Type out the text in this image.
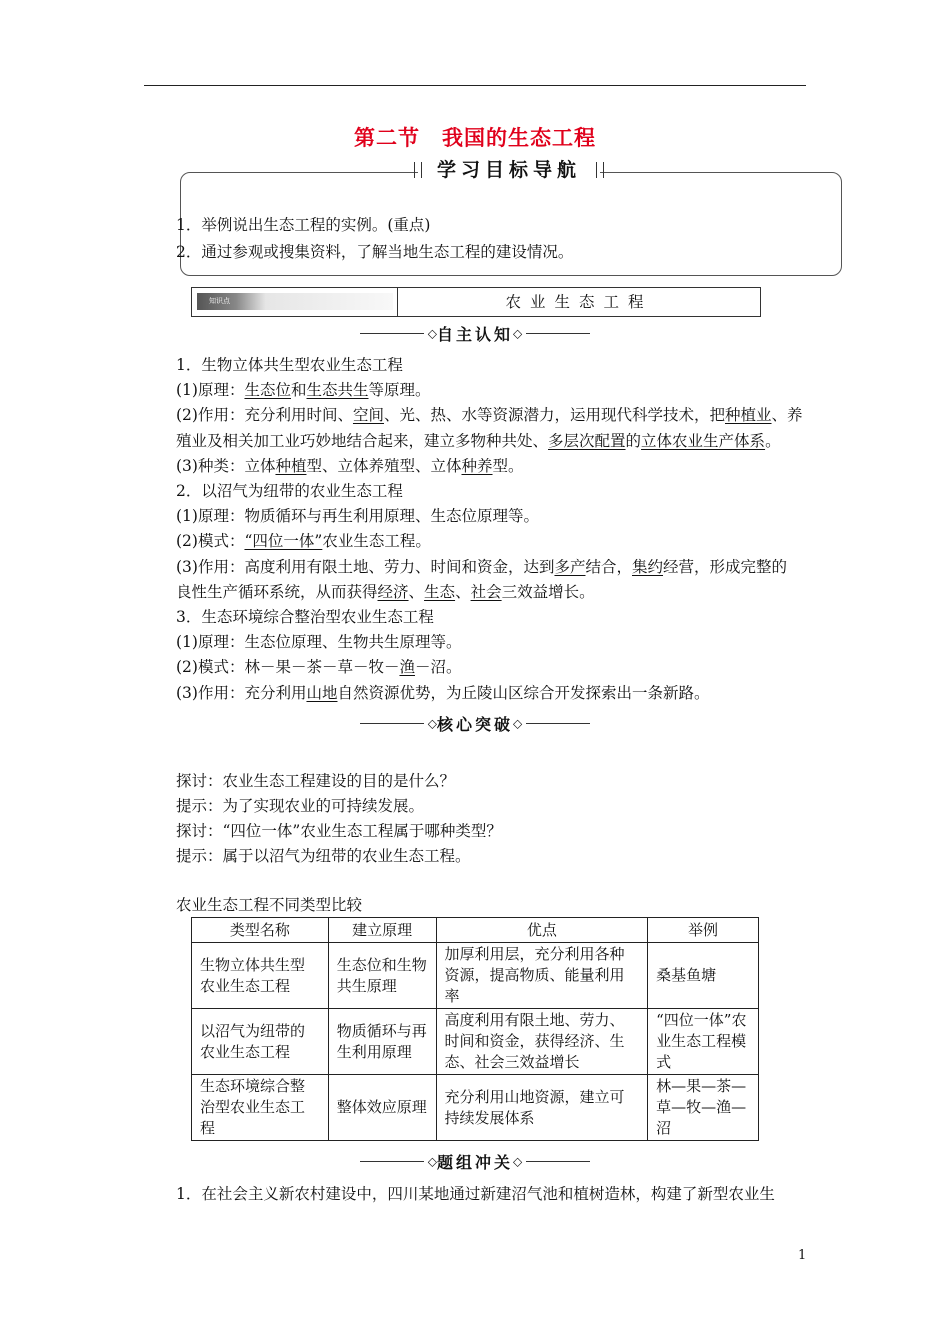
第二节　我国的生态工程
学习目标导航
1．举例说出生态工程的实例。(重点)
2．通过参观或搜集资料，了解当地生态工程的建设情况。
知识点	农业生态工程
◇自主认知◇
1．生物立体共生型农业生态工程
(1)原理：生态位和生态共生等原理。
(2)作用：充分利用时间、空间、光、热、水等资源潜力，运用现代科学技术，把种植业、养
殖业及相关加工业巧妙地结合起来，建立多物种共处、多层次配置的立体农业生产体系。
(3)种类：立体种植型、立体养殖型、立体种养型。
2．以沼气为纽带的农业生态工程
(1)原理：物质循环与再生利用原理、生态位原理等。
(2)模式：“四位一体”农业生态工程。
(3)作用：高度利用有限土地、劳力、时间和资金，达到多产结合，集约经营，形成完整的
良性生产循环系统，从而获得经济、生态、社会三效益增长。
3．生态环境综合整治型农业生态工程
(1)原理：生态位原理、生物共生原理等。
(2)模式：林－果－茶－草－牧－渔－沼。
(3)作用：充分利用山地自然资源优势，为丘陵山区综合开发探索出一条新路。
◇核心突破◇
探讨：农业生态工程建设的目的是什么？
提示：为了实现农业的可持续发展。
探讨：“四位一体”农业生态工程属于哪种类型？
提示：属于以沼气为纽带的农业生态工程。
农业生态工程不同类型比较
类型名称	建立原理	优点	举例
生物立体共生型农业生态工程	生态位和生物共生原理	加厚利用层，充分利用各种资源，提高物质、能量利用率	桑基鱼塘
以沼气为纽带的农业生态工程	物质循环与再生利用原理	高度利用有限土地、劳力、时间和资金，获得经济、生态、社会三效益增长	“四位一体”农业生态工程模式
生态环境综合整治型农业生态工程	整体效应原理	充分利用山地资源，建立可持续发展体系	林—果—茶—草—牧—渔—沼
◇题组冲关◇
1．在社会主义新农村建设中，四川某地通过新建沼气池和植树造林，构建了新型农业生
1
